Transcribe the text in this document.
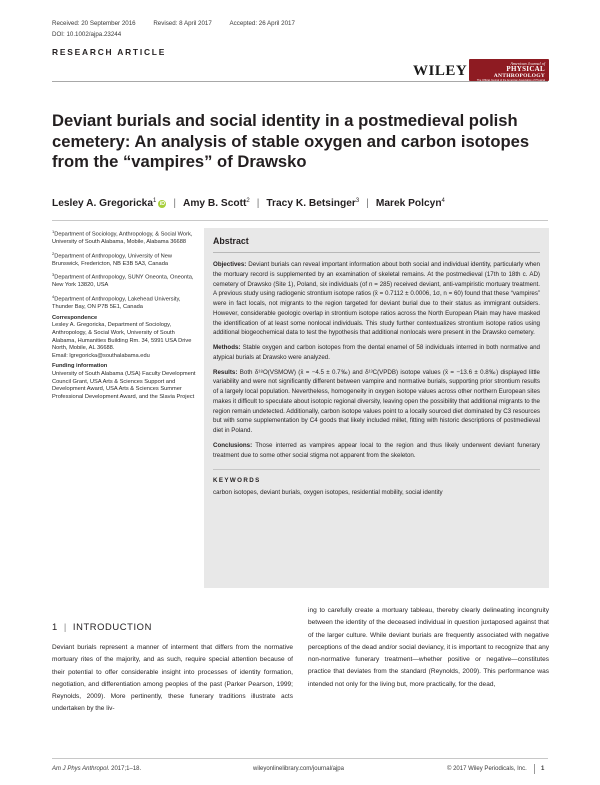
Received: 20 September 2016	Revised: 8 April 2017	Accepted: 26 April 2017
DOI: 10.1002/ajpa.23244
RESEARCH ARTICLE
WILEY	American Journal of
PHYSICAL
ANTHROPOLOGY
Anthropologists
Deviant burials and social identity in a postmedieval polish cemetery: An analysis of stable oxygen and carbon isotopes from the “vampires” of Drawsko
Lesley A. Gregoricka$^1$ iD | Amy B. Scott$^2$ | Tracy K. Betsinger$^3$ | Marek Polcyn$^4$
$^1$Department of Sociology, Anthropology, & Social Work, University of South Alabama, Mobile, Alabama 36688
$^2$Department of Anthropology, University of New Brunswick, Fredericton, NB E3B 5A3, Canada
$^3$Department of Anthropology, SUNY Oneonta, Oneonta, New York 13820, USA
$^4$Department of Anthropology, Lakehead University, Thunder Bay, ON P7B 5E1, Canada
Correspondence
Lesley A. Gregoricka, Department of Sociology, Anthropology, & Social Work, University of South Alabama, Humanities Building Rm. 34, 5991 USA Drive North, Mobile, AL 36688.
Email: lgregoricka@southalabama.edu
Funding information
University of South Alabama (USA) Faculty Development Council Grant, USA Arts & Sciences Support and Development Award, USA Arts & Sciences Summer Professional Development Award, and the Slavia Project
Abstract

Objectives: Deviant burials can reveal important information about both social and individual identity, particularly when the mortuary record is supplemented by an examination of skeletal remains. At the postmedieval (17th to 18th c. AD) cemetery of Drawsko (Site 1), Poland, six individuals (of n = 285) received deviant, anti-vampiristic mortuary treatment. A previous study using radiogenic strontium isotope ratios (x̄ = 0.7112 ± 0.0006, 1σ, n = 60) found that these “vampires” were in fact locals, not migrants to the region targeted for deviant burial due to their status as immigrant outsiders. However, considerable geologic overlap in strontium isotope ratios across the North European Plain may have masked the identification of at least some nonlocal individuals. This study further contextualizes strontium isotope ratios using additional biogeochemical data to test the hypothesis that additional nonlocals were present in the Drawsko cemetery.

Methods: Stable oxygen and carbon isotopes from the dental enamel of 58 individuals interred in both normative and atypical burials at Drawsko were analyzed.

Results: Both δ¹⁸O(VSMOW) (x̄ = −4.5 ± 0.7‰) and δ¹³C(VPDB) isotope values (x̄ = −13.6 ± 0.8‰) displayed little variability and were not significantly different between vampire and normative burials, supporting prior strontium results of a largely local population. Nevertheless, homogeneity in oxygen isotope values across other northern European sites makes it difficult to speculate about isotopic regional diversity, leaving open the possibility that additional migrants to the region remain undetected. Additionally, carbon isotope values point to a locally sourced diet dominated by C3 resources but with some supplementation by C4 goods that likely included millet, fitting with historic descriptions of postmedieval diet in Poland.

Conclusions: Those interred as vampires appear local to the region and thus likely underwent deviant funerary treatment due to some other social stigma not apparent from the skeleton.

KEYWORDS
carbon isotopes, deviant burials, oxygen isotopes, residential mobility, social identity
1 | INTRODUCTION
Deviant burials represent a manner of interment that differs from the normative mortuary rites of the majority, and as such, require special attention because of their potential to offer considerable insight into processes of identity formation, negotiation, and differentiation among peoples of the past (Parker Pearson, 1999; Reynolds, 2009). More pertinently, these funerary traditions illustrate acts undertaken by the liv-
ing to carefully create a mortuary tableau, thereby clearly delineating incongruity between the identity of the deceased individual in question juxtaposed against that of the larger culture. While deviant burials are frequently associated with negative perceptions of the dead and/or social deviancy, it is important to recognize that any non-normative funerary treatment—whether positive or negative—constitutes practice that deviates from the standard (Reynolds, 2009). This performance was intended not only for the living but, more practically, for the dead,
Am J Phys Anthropol. 2017;1–18.	wileyonlinelibrary.com/journal/ajpa	© 2017 Wiley Periodicals, Inc. 1
